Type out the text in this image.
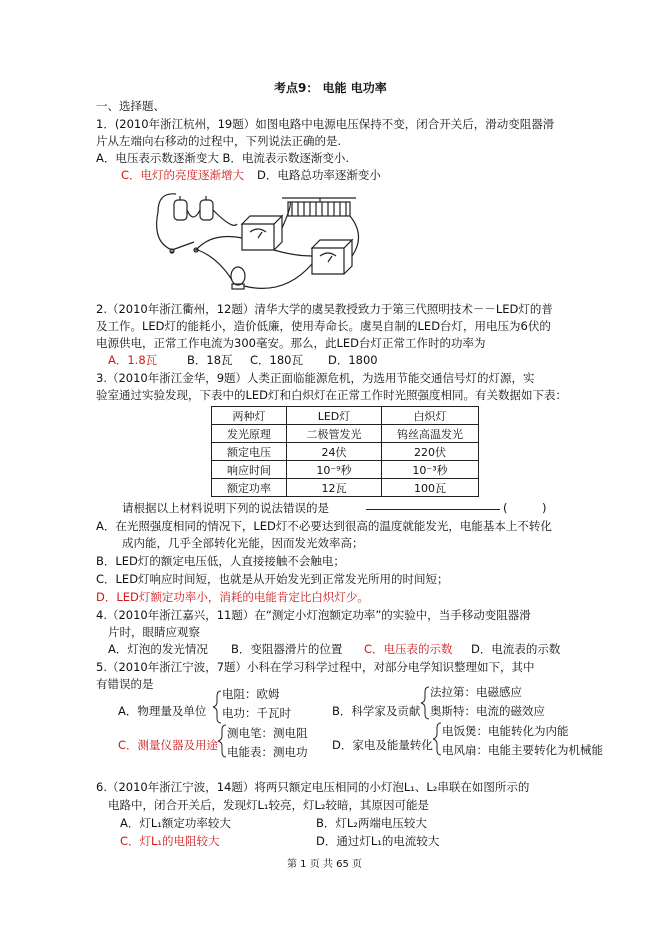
考点9： 电能 电功率
一、选择题、
1．(2010年浙江杭州，19题）如图电路中电源电压保持不变，闭合开关后，滑动变阻器滑
片从左端向右移动的过程中，下列说法正确的是.
A．电压表示数逐渐变大 B．电流表示数逐渐变小.
C．电灯的亮度逐渐增大 D．电路总功率逐渐变小
2.（2010年浙江衢州，12题）清华大学的虞昊教授致力于第三代照明技术－－LED灯的普
及工作。LED灯的能耗小，造价低廉，使用寿命长。虞昊自制的LED台灯，用电压为6伏的
电源供电，正常工作电流为300毫安。那么，此LED台灯正常工作时的功率为
A．1.8瓦	B．18瓦 C．180瓦 D．1800
3.（2010年浙江金华，9题）人类正面临能源危机，为选用节能交通信号灯的灯源，实
验室通过实验发现，下表中的LED灯和白炽灯在正常工作时光照强度相同。有关数据如下表：
两种灯	LED灯	白炽灯
发光原理	二极管发光	钨丝高温发光
额定电压	24伏	220伏
响应时间	10⁻⁹秒	10⁻³秒
额定功率	12瓦	100瓦
请根据以上材料说明下列的说法错误的是	(　　　)
A．在光照强度相同的情况下，LED灯不必要达到很高的温度就能发光，电能基本上不转化
成内能，几乎全部转化光能，因而发光效率高；
B．LED灯的额定电压低，人直接接触不会触电；
C．LED灯响应时间短，也就是从开始发光到正常发光所用的时间短；
D．LED灯额定功率小，消耗的电能肯定比白炽灯少。
4.（2010年浙江嘉兴，11题）在“测定小灯泡额定功率”的实验中，当手移动变阻器滑
片时，眼睛应观察
A．灯泡的发光情况 B．变阻器滑片的位置 C．电压表的示数 D．电流表的示数
5.（2010年浙江宁波，7题）小科在学习科学过程中，对部分电学知识整理如下，其中
有错误的是
A．物理量及单位
电阻：欧姆
电功：千瓦时	B．科学家及贡献
法拉第：电磁感应
奥斯特：电流的磁效应
C．测量仪器及用途
测电笔：测电阻
电能表：测电功 D．家电及能量转化
电饭煲：电能转化为内能
电风扇：电能主要转化为机械能
6.（2010年浙江宁波，14题）将两只额定电压相同的小灯泡L₁、L₂串联在如图所示的
电路中，闭合开关后，发现灯L₁较亮，灯L₂较暗，其原因可能是
A．灯L₁额定功率较大	B．灯L₂两端电压较大
C．灯L₁的电阻较大	D．通过灯L₁的电流较大
第 1 页 共 65 页
